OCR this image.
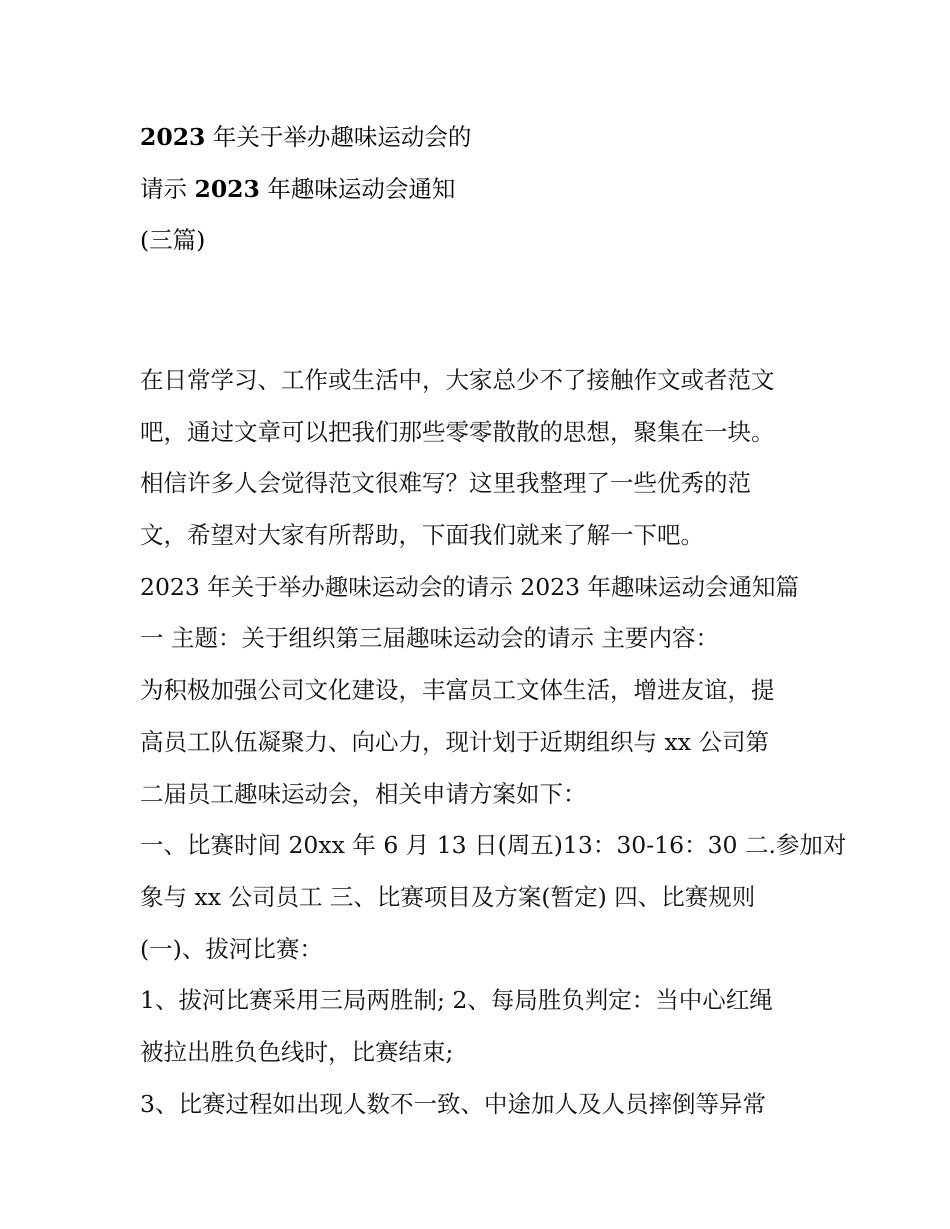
2023 年关于举办趣味运动会的
请示 2023 年趣味运动会通知
(三篇)
在日常学习、工作或生活中，大家总少不了接触作文或者范文
吧，通过文章可以把我们那些零零散散的思想，聚集在一块。
相信许多人会觉得范文很难写？这里我整理了一些优秀的范
文，希望对大家有所帮助，下面我们就来了解一下吧。
2023 年关于举办趣味运动会的请示 2023 年趣味运动会通知篇
一 主题：关于组织第三届趣味运动会的请示 主要内容：
为积极加强公司文化建设，丰富员工文体生活，增进友谊，提
高员工队伍凝聚力、向心力，现计划于近期组织与 xx 公司第
二届员工趣味运动会，相关申请方案如下：
一、比赛时间 20xx 年 6 月 13 日(周五)13：30-16：30 二.参加对
象与 xx 公司员工 三、比赛项目及方案(暂定) 四、比赛规则
(一)、拔河比赛：
1、拔河比赛采用三局两胜制; 2、每局胜负判定：当中心红绳
被拉出胜负色线时，比赛结束;
3、比赛过程如出现人数不一致、中途加人及人员摔倒等异常
